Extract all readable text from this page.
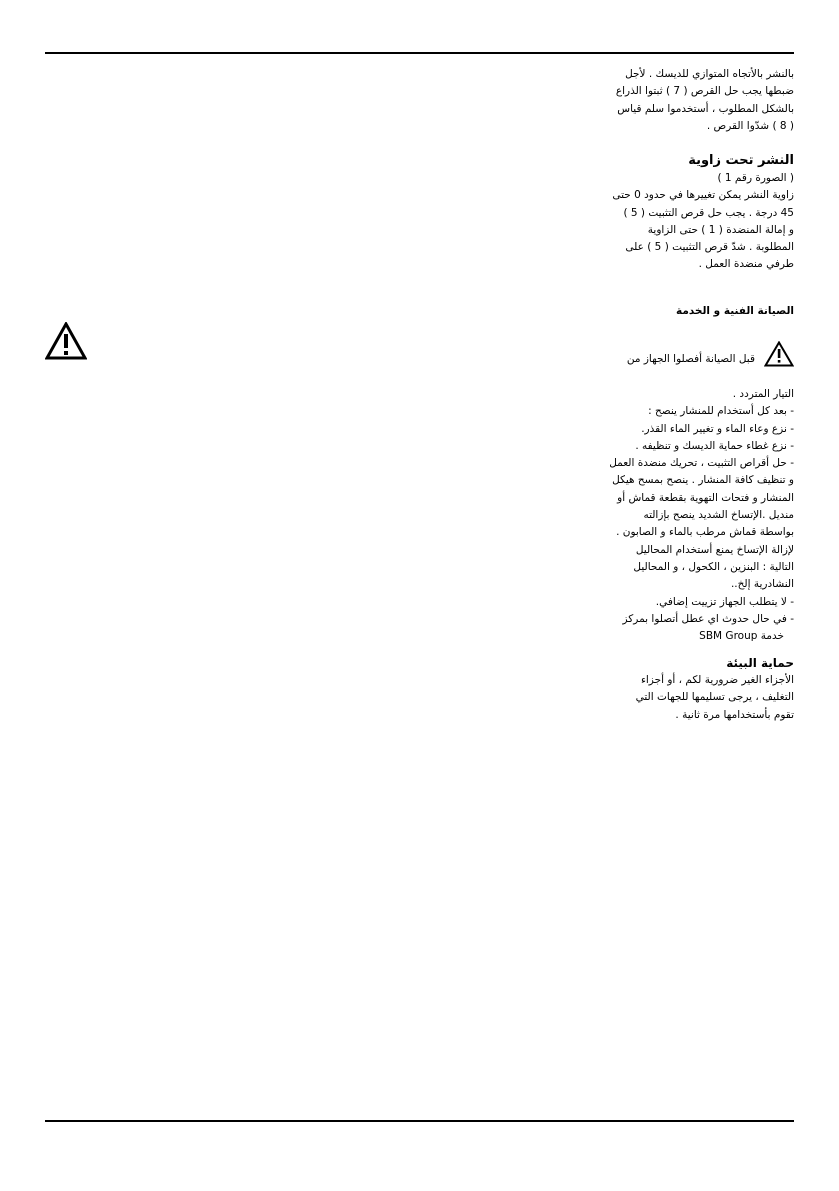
بالنشر بالأتجاه المتوازي للديسك . لأجل
ضبطها يجب حل القرص ( 7 ) ثبتوا الذراع
بالشكل المطلوب ، أستخدموا سلم قياس
( 8 ) شدّوا القرص .
النشر تحت زاوية
( الصورة رقم 1 )
زاوية النشر يمكن تغييرها في حدود 0 حتى
45 درجة . يجب حل قرص التثبيت ( 5 )
و إمالة المنضدة ( 1 ) حتى الزاوية
المطلوبة . شدّ قرص التثبيت ( 5 ) على
طرفي منضدة العمل .
الصيانة الفنية و الخدمة
قبل الصيانة أفصلوا الجهاز من
التيار المتردد .
- بعد كل أستخدام للمنشار ينصح :
- نزع وعاء الماء و تغيير الماء القذر.
- نزع غطاء حماية الديسك و تنظيفه .
- حل أقراص التثبيت ، تحريك منضدة العمل
و تنظيف كافة المنشار . ينصح بمسح هيكل
المنشار و فتحات التهوية بقطعة قماش أو
منديل .الإتساخ الشديد ينصح بإزالته
بواسطة قماش مرطب بالماء و الصابون .
لإزالة الإتساخ يمنع أستخدام المحاليل
التالية : البنزين ، الكحول ، و المحاليل
النشادرية إلخ..
- لا يتطلب الجهاز تزييت إضافي.
- في حال حدوث اي عطل أتصلوا بمركز
خدمة SBM Group
حماية البيئة
الأجزاء الغير ضرورية لكم ، أو أجزاء
التغليف ، يرجى تسليمها للجهات التي
تقوم بأستخدامها مرة ثانية .
